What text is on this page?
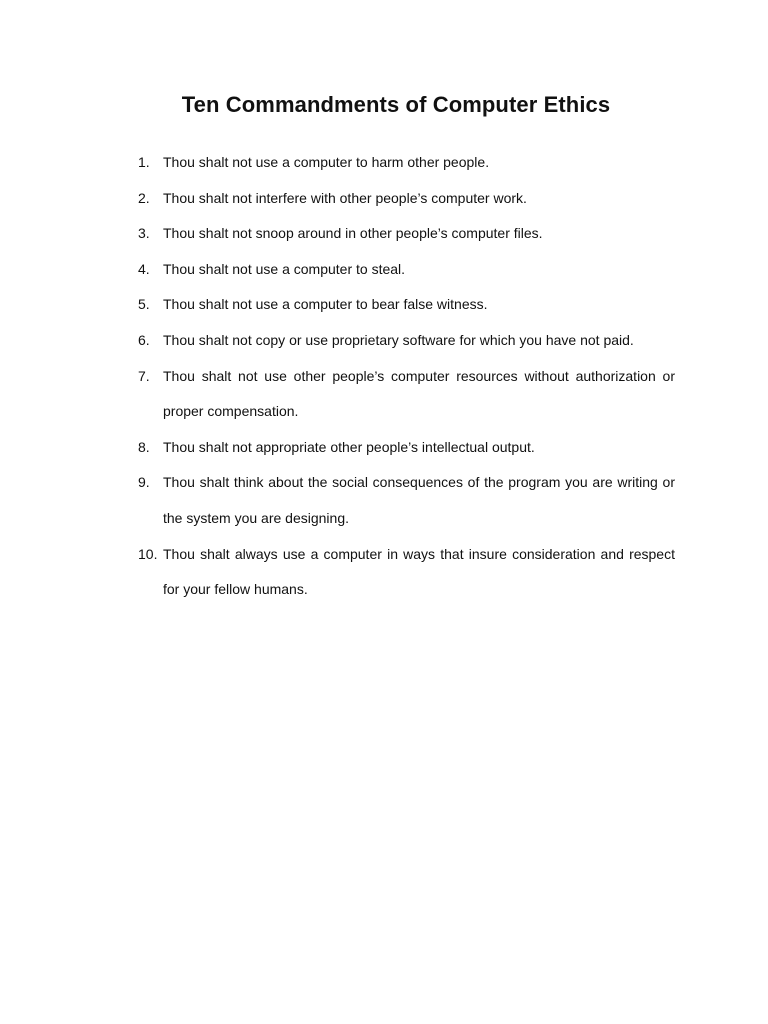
Ten Commandments of Computer Ethics
1. Thou shalt not use a computer to harm other people.
2. Thou shalt not interfere with other people’s computer work.
3. Thou shalt not snoop around in other people’s computer files.
4. Thou shalt not use a computer to steal.
5. Thou shalt not use a computer to bear false witness.
6. Thou shalt not copy or use proprietary software for which you have not paid.
7. Thou shalt not use other people’s computer resources without authorization or proper compensation.
8. Thou shalt not appropriate other people’s intellectual output.
9. Thou shalt think about the social consequences of the program you are writing or the system you are designing.
10. Thou shalt always use a computer in ways that insure consideration and respect for your fellow humans.
